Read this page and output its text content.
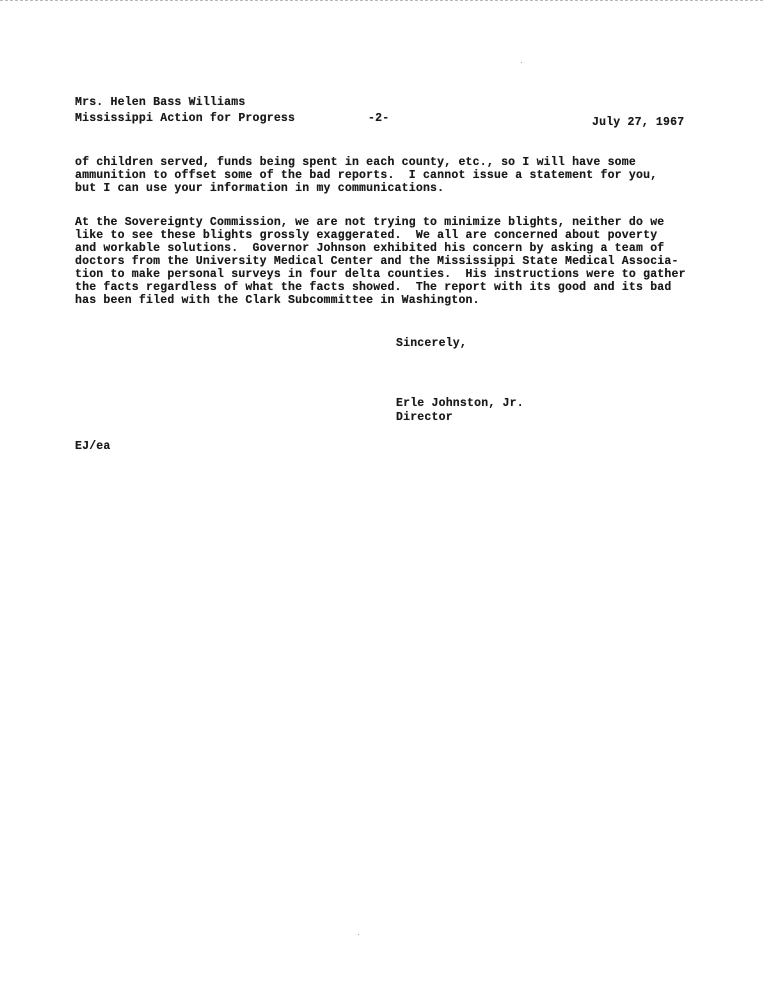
Mrs. Helen Bass Williams
Mississippi Action for Progress	-2-	July 27, 1967
of children served, funds being spent in each county, etc., so I will have some
ammunition to offset some of the bad reports.  I cannot issue a statement for you,
but I can use your information in my communications.
At the Sovereignty Commission, we are not trying to minimize blights, neither do we
like to see these blights grossly exaggerated.  We all are concerned about poverty
and workable solutions.  Governor Johnson exhibited his concern by asking a team of
doctors from the University Medical Center and the Mississippi State Medical Associa-
tion to make personal surveys in four delta counties.  His instructions were to gather
the facts regardless of what the facts showed.  The report with its good and its bad
has been filed with the Clark Subcommittee in Washington.
Sincerely,
Erle Johnston, Jr.
Director
EJ/ea
